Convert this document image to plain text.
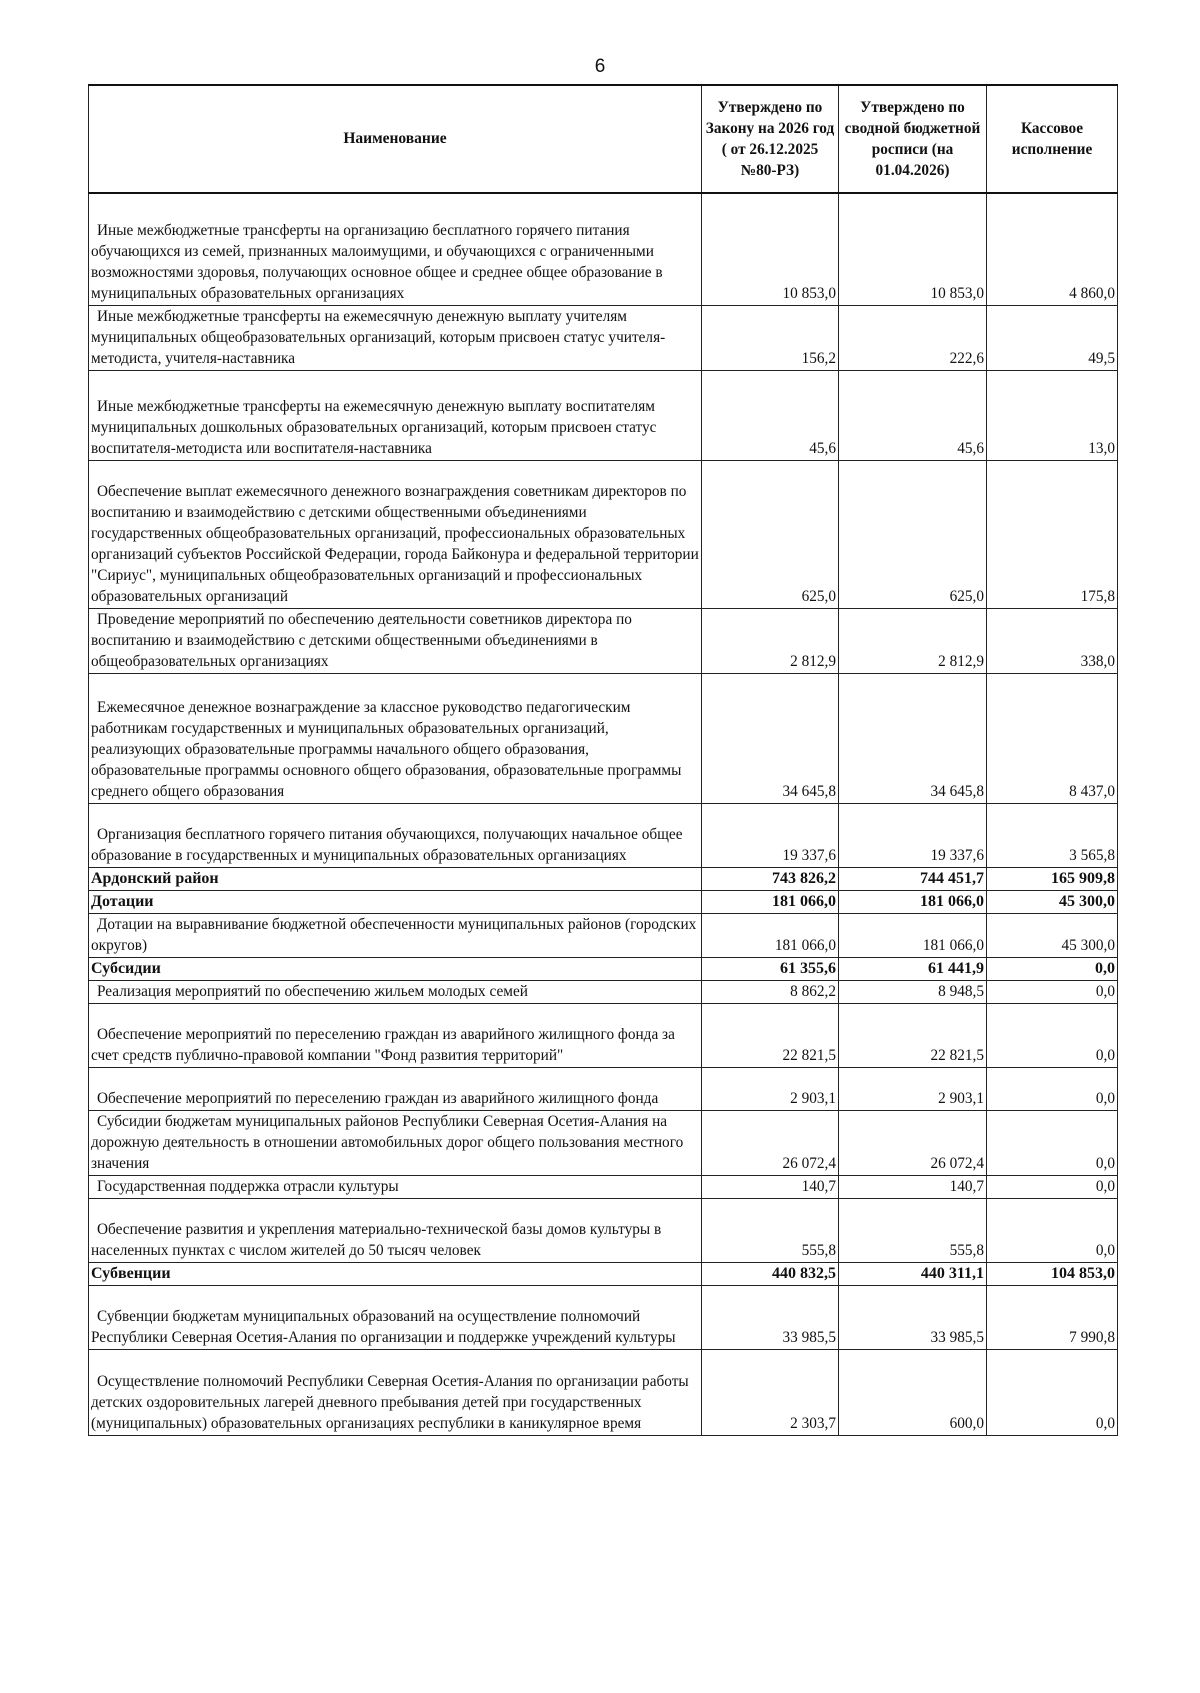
6
Наименование	Утверждено по Закону на 2026 год ( от 26.12.2025 №80-РЗ)	Утверждено по сводной бюджетной росписи (на 01.04.2026)	Кассовое исполнение

Иные межбюджетные трансферты на организацию бесплатного горячего питания обучающихся из семей, признанных малоимущими, и обучающихся с ограниченными возможностями здоровья, получающих основное общее и среднее общее образование в муниципальных образовательных организациях	10 853,0	10 853,0	4 860,0

Иные межбюджетные трансферты на ежемесячную денежную выплату учителям муниципальных общеобразовательных организаций, которым присвоен статус учителя-методиста, учителя-наставника	156,2	222,6	49,5

Иные межбюджетные трансферты на ежемесячную денежную выплату воспитателям муниципальных дошкольных образовательных организаций, которым присвоен статус воспитателя-методиста или воспитателя-наставника	45,6	45,6	13,0

Обеспечение выплат ежемесячного денежного вознаграждения советникам директоров по воспитанию и взаимодействию с детскими общественными объединениями государственных общеобразовательных организаций, профессиональных образовательных организаций субъектов Российской Федерации, города Байконура и федеральной территории "Сириус", муниципальных общеобразовательных организаций и профессиональных образовательных организаций	625,0	625,0	175,8

Проведение мероприятий по обеспечению деятельности советников директора по воспитанию и взаимодействию с детскими общественными объединениями в общеобразовательных организациях	2 812,9	2 812,9	338,0

Ежемесячное денежное вознаграждение за классное руководство педагогическим работникам государственных и муниципальных образовательных организаций, реализующих образовательные программы начального общего образования, образовательные программы основного общего образования, образовательные программы среднего общего образования	34 645,8	34 645,8	8 437,0

Организация бесплатного горячего питания обучающихся, получающих начальное общее образование в государственных и муниципальных образовательных организациях	19 337,6	19 337,6	3 565,8
Ардонский район	743 826,2	744 451,7	165 909,8
Дотации	181 066,0	181 066,0	45 300,0

Дотации на выравнивание бюджетной обеспеченности муниципальных районов (городских округов)	181 066,0	181 066,0	45 300,0
Субсидии	61 355,6	61 441,9	0,0

Реализация мероприятий по обеспечению жильем молодых семей	8 862,2	8 948,5	0,0

Обеспечение мероприятий по переселению граждан из аварийного жилищного фонда за счет средств публично-правовой компании "Фонд развития территорий"	22 821,5	22 821,5	0,0

Обеспечение мероприятий по переселению граждан из аварийного жилищного фонда	2 903,1	2 903,1	0,0

Субсидии бюджетам муниципальных районов Республики Северная Осетия-Алания на дорожную деятельность в отношении автомобильных дорог общего пользования местного значения	26 072,4	26 072,4	0,0

Государственная поддержка отрасли культуры	140,7	140,7	0,0

Обеспечение развития и укрепления материально-технической базы домов культуры в населенных пунктах с числом жителей до 50 тысяч человек	555,8	555,8	0,0
Субвенции	440 832,5	440 311,1	104 853,0

Субвенции бюджетам муниципальных образований на осуществление полномочий Республики Северная Осетия-Алания по организации и поддержке учреждений культуры	33 985,5	33 985,5	7 990,8

Осуществление полномочий Республики Северная Осетия-Алания по организации работы детских оздоровительных лагерей дневного пребывания детей при государственных (муниципальных) образовательных организациях республики в каникулярное время	2 303,7	600,0	0,0
